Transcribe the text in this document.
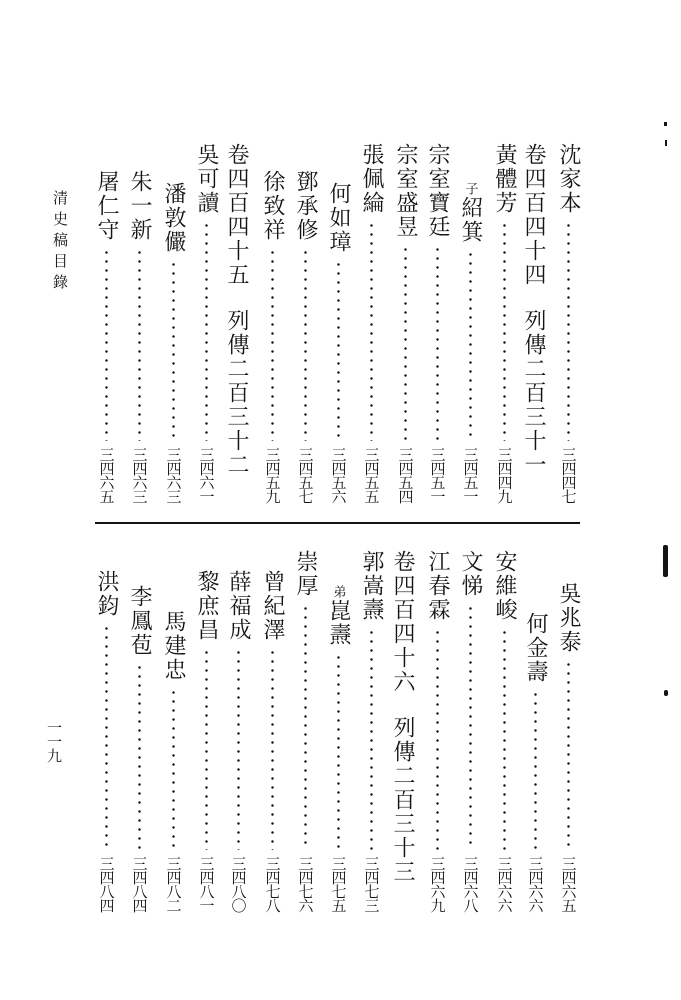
清史稿目錄
一一九
沈家本
三四四七
卷四百四十四列傳二百三十一
黃體芳
三四四九
子
紹箕
三四五一
宗室寶廷
三四五一
宗室盛昱
三四五四
張佩綸
三四五五
何如璋
三四五六
鄧承修
三四五七
徐致祥
三四五九
卷四百四十五列傳二百三十二
吳可讀
三四六一
潘敦儼
三四六三
朱一新
三四六三
屠仁守
三四六五
吳兆泰
三四六五
何金壽
三四六六
安維峻
三四六六
文悌
三四六八
江春霖
三四六九
卷四百四十六列傳二百三十三
郭嵩燾
三四七三
弟
崑燾
三四七五
崇厚
三四七六
曾紀澤
三四七八
薛福成
三四八〇
黎庶昌
三四八一
馬建忠
三四八二
李鳳苞
三四八四
洪鈞
三四八四
